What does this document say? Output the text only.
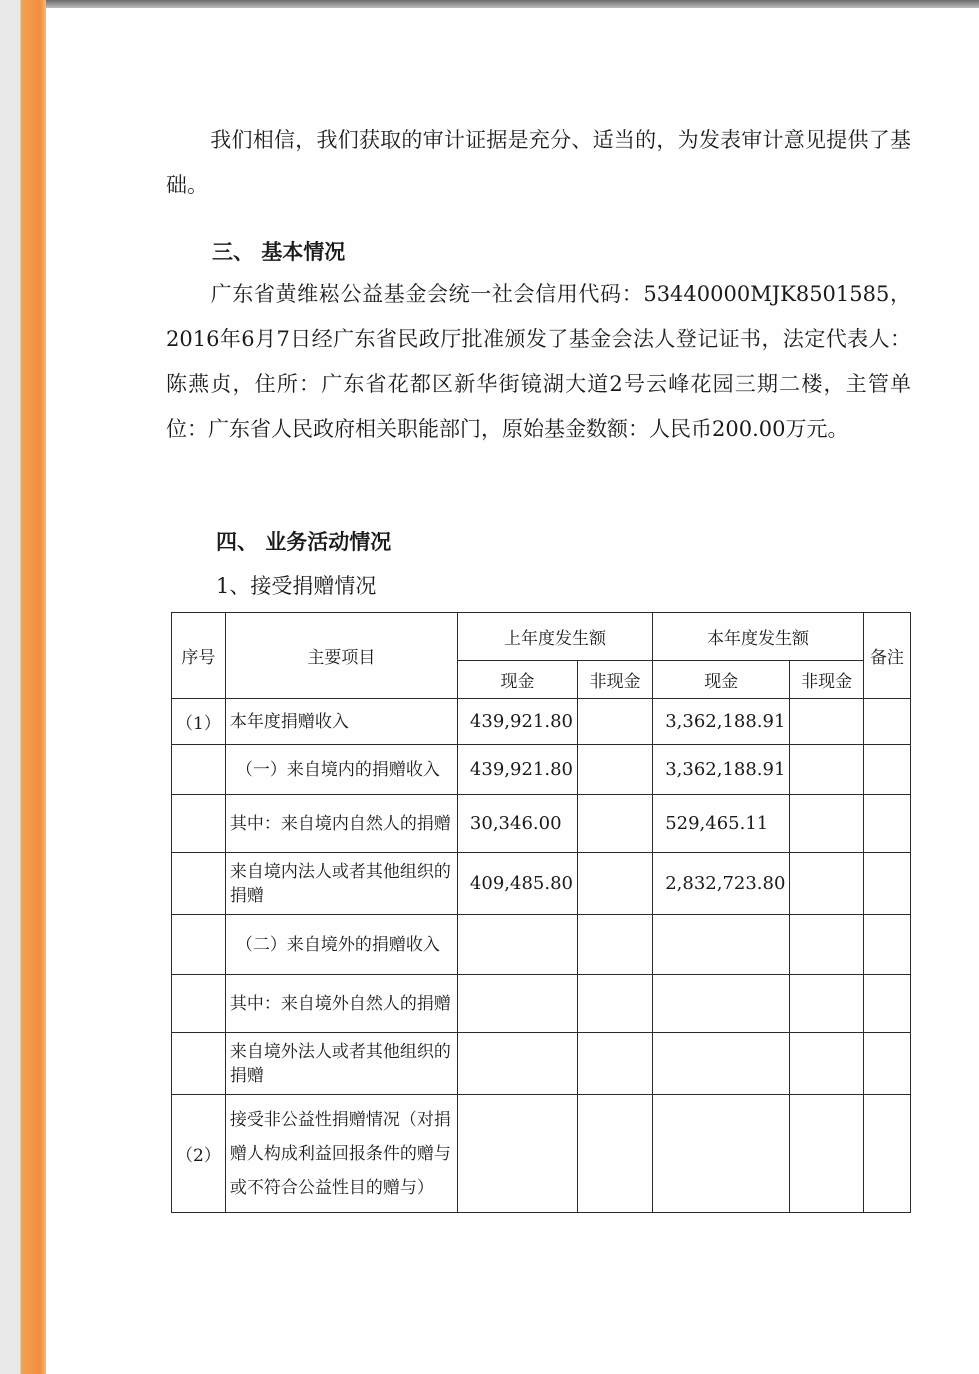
我们相信，我们获取的审计证据是充分、适当的，为发表审计意见提供了基础。
三、 基本情况
广东省黄维崧公益基金会统一社会信用代码：53440000MJK8501585，2016年6月7日经广东省民政厅批准颁发了基金会法人登记证书，法定代表人：陈燕贞，住所：广东省花都区新华街镜湖大道2号云峰花园三期二楼，主管单位：广东省人民政府相关职能部门，原始基金数额：人民币200.00万元。
四、 业务活动情况
1、接受捐赠情况
序号	主要项目	上年度发生额		本年度发生额		备注
		现金	非现金	现金	非现金	
（1）	本年度捐赠收入	439,921.80		3,362,188.91		
	（一）来自境内的捐赠收入	439,921.80		3,362,188.91		
	其中：来自境内自然人的捐赠	30,346.00		529,465.11		
	来自境内法人或者其他组织的捐赠	409,485.80		2,832,723.80		
	（二）来自境外的捐赠收入					
	其中：来自境外自然人的捐赠					
	来自境外法人或者其他组织的捐赠					
（2）	接受非公益性捐赠情况（对捐赠人构成利益回报条件的赠与或不符合公益性目的赠与）					
